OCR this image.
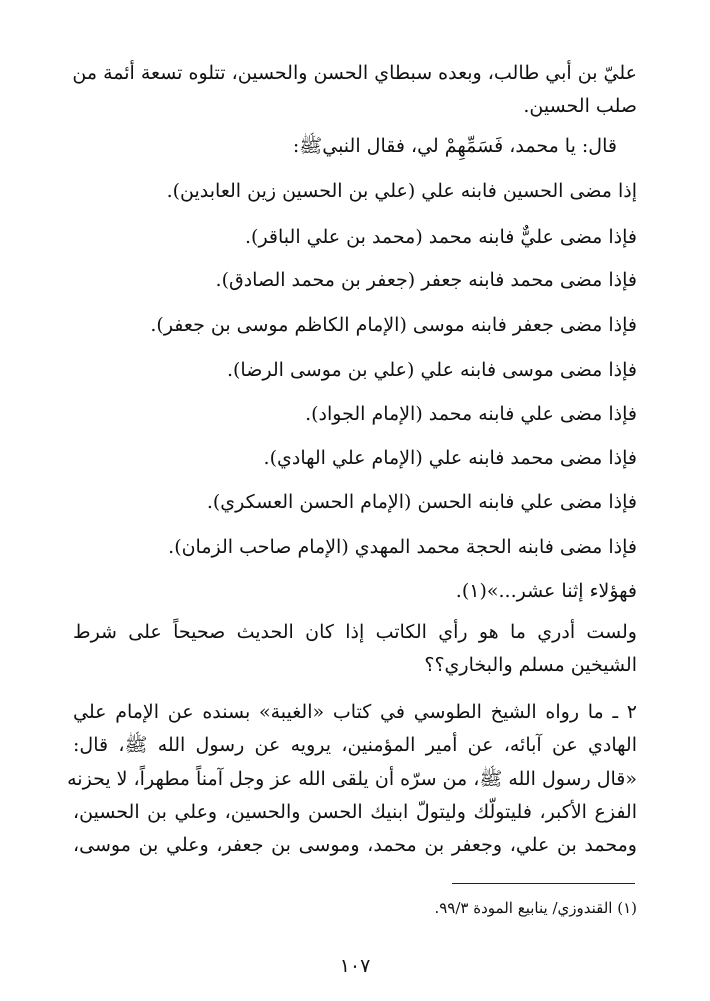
عليّ بن أبي طالب، وبعده سبطاي الحسن والحسين، تتلوه تسعة أئمة من
صلب الحسين.
قال: يا محمد، فَسَمِّهِمْ لي، فقال النبيﷺ:
إذا مضى الحسين فابنه علي (علي بن الحسين زين العابدين).
فإذا مضى عليٌّ فابنه محمد (محمد بن علي الباقر).
فإذا مضى محمد فابنه جعفر (جعفر بن محمد الصادق).
فإذا مضى جعفر فابنه موسى (الإمام الكاظم موسى بن جعفر).
فإذا مضى موسى فابنه علي (علي بن موسى الرضا).
فإذا مضى علي فابنه محمد (الإمام الجواد).
فإذا مضى محمد فابنه علي (الإمام علي الهادي).
فإذا مضى علي فابنه الحسن (الإمام الحسن العسكري).
فإذا مضى فابنه الحجة محمد المهدي (الإمام صاحب الزمان).
فهؤلاء إثنا عشر...»(١).
ولست أدري ما هو رأي الكاتب إذا كان الحديث صحيحاً على شرط
الشيخين مسلم والبخاري؟؟
٢ ـ ما رواه الشيخ الطوسي في كتاب «الغيبة» بسنده عن الإمام علي
الهادي عن آبائه، عن أمير المؤمنين، يرويه عن رسول الله ﷺ، قال:
«قال رسول الله ﷺ، من سرّه أن يلقى الله عز وجل آمناً مطهراً، لا يحزنه
الفزع الأكبر، فليتولّك وليتولّ ابنيك الحسن والحسين، وعلي بن الحسين،
ومحمد بن علي، وجعفر بن محمد، وموسى بن جعفر، وعلي بن موسى،
(١) القندوزي/ ينابيع المودة ٩٩/٣.
١٠٧
